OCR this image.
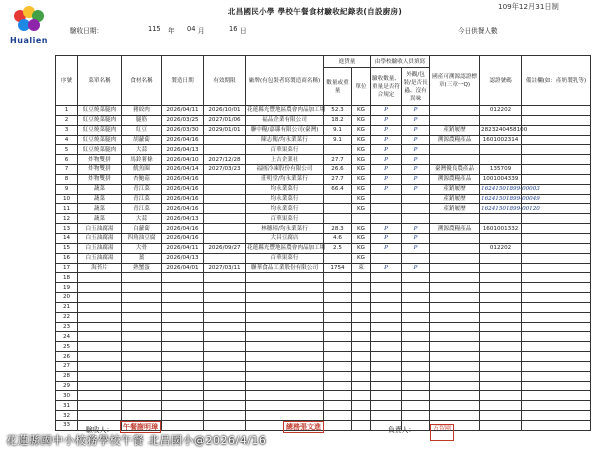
Hualien
北昌國民小學 學校午餐食材驗收紀錄表(自設廚房)
109年12月31日制
驗收日期：	115 年 04 月	16 日	今日供餐人數
序號	菜單名稱	食材名稱	製造日期	有效期限	廠牌(有包裝者寫製造商名稱)	進貨量		由學校驗收人員填寫		國產可溯源認證標章(三章一Q)	認證號碼	備註欄(如：產奶製乳等)
						數量或重量	單位	驗收數量、重量是否符合規定	外觀/包裝/是否長蟲、沒有異味			

1	紅豆燒菜腿肉	豬絞肉	2026/04/11	2026/10/01	花蓮縣光豐地區農會肉品加工場	52.3	KG	P	P		012202	
2	紅豆燒菜腿肉	腿筋	2026/03/25	2027/01/06	福品企業有限公司	18.2	KG	P	P			
3	紅豆燒菜腿肉	紅豆	2026/03/30	2029/01/01	聯中糧/嘉縣有限公司(臺灣)	9.1	KG	P	P	產銷履歷	2823240458100	
4	紅豆燒菜腿肉	胡蘿蔔	2026/04/16		陳志衛/均永業菜行	9.1	KG	P	P	溯源農糧產品	1601002314	
5	紅豆燒菜腿肉	大蒜	2026/04/13		百華果菜行		KG	P	P			
6	炸物雙拼	馬鈴薯條	2026/04/10	2027/12/28	上吉企業社	27.7	KG	P	P			
7	炸物雙拼	魷魚圈	2026/04/14	2027/03/23	福圓冷凍股份有限公司	26.6	KG	P	P	臺灣優良農產品	135709	
8	炸物雙拼	杏鮑菇	2026/04/16		莊明堂/均永業菜行	27.7	KG	P	P	溯源農糧產品	1001004339	
9	蔬菜	青江菜	2026/04/16		均永業菜行	66.4	KG	P	P	產銷履歷	16241501899-00003	
10	蔬菜	青江菜	2026/04/16		均永業菜行		KG			產銷履歷	16241501899-00049	
11	蔬菜	青江菜	2026/04/16		均永業菜行		KG			產銷履歷	16241501899-00120	
12	蔬菜	大蒜	2026/04/13		百華果菜行							
13	白玉油腐湯	白蘿蔔	2026/04/16		林穗璋/均永業菜行	28.3	KG	P	P	溯源農糧產品	1601001332	
14	白玉油腐湯	四角油豆腐	2026/04/16		大昌豆腐店	4.6	KG	P	P			
15	白玉油腐湯	大骨	2026/04/11	2026/09/27	花蓮縣光豐地區農會肉品加工場	2.5	KG	P	P		012202	
16	白玉油腐湯	薑	2026/04/13		百華果菜行		KG					
17	海苔片	熟蟹蛋	2026/04/01	2027/03/11	聯華食品工業股份有限公司	1754	束	P	P			
18												
19												
20												
21												
22												
23												
24												
25												
26												
27												
28												
29												
30												
31												
32												
33												
驗收人：	午餐謝明璋	總務張文進	負責人：	方智剛
花蓮縣國中小校務學校午餐 北昌國小@2026/4/16
